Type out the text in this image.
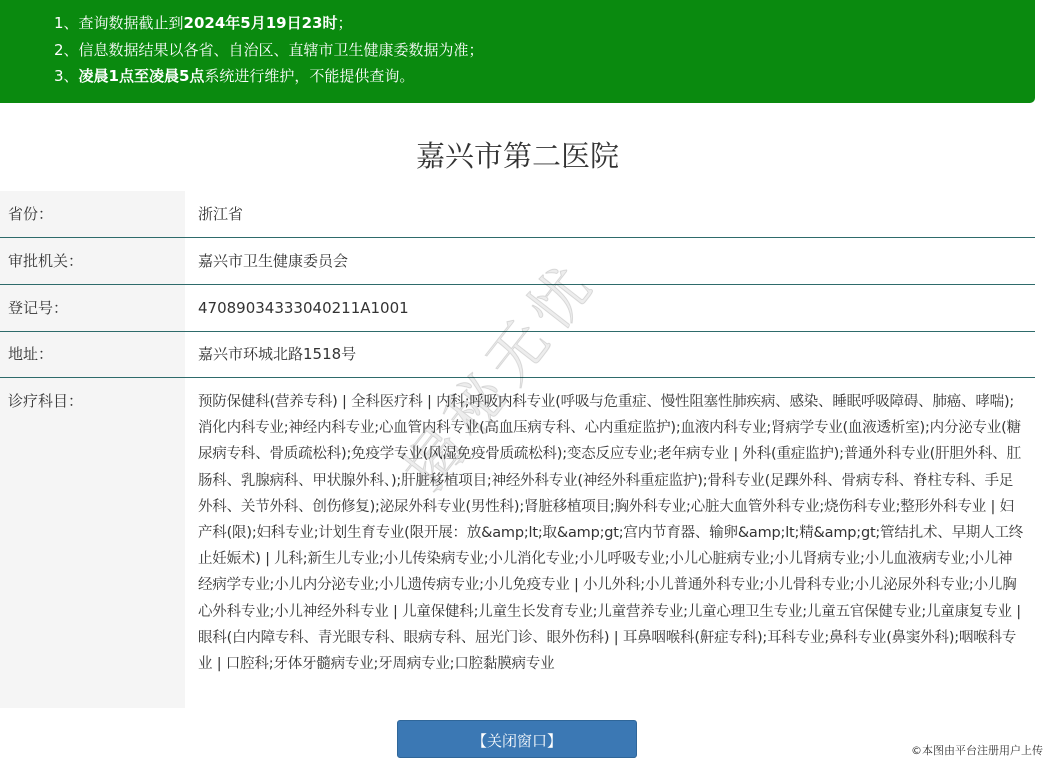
1、查询数据截止到2024年5月19日23时；
2、信息数据结果以各省、自治区、直辖市卫生健康委数据为准；
3、凌晨1点至凌晨5点系统进行维护，不能提供查询。
嘉兴市第二医院
省份：	浙江省
审批机关：	嘉兴市卫生健康委员会
登记号：	47089034333040211A1001
地址：	嘉兴市环城北路1518号
诊疗科目：	预防保健科(营养专科) | 全科医疗科 | 内科;呼吸内科专业(呼吸与危重症、慢性阻塞性肺疾病、感染、睡眠呼吸障碍、肺癌、哮喘);消化内科专业;神经内科专业;心血管内科专业(高血压病专科、心内重症监护);血液内科专业;肾病学专业(血液透析室);内分泌专业(糖尿病专科、骨质疏松科);免疫学专业(风湿免疫骨质疏松科);变态反应专业;老年病专业 | 外科(重症监护);普通外科专业(肝胆外科、肛肠科、乳腺病科、甲状腺外科、);肝脏移植项目;神经外科专业(神经外科重症监护);骨科专业(足踝外科、骨病专科、脊柱专科、手足外科、关节外科、创伤修复);泌尿外科专业(男性科);肾脏移植项目;胸外科专业;心脏大血管外科专业;烧伤科专业;整形外科专业 | 妇产科(限);妇科专业;计划生育专业(限开展：放&amp;lt;取&amp;gt;宫内节育器、输卵&amp;lt;精&amp;gt;管结扎术、早期人工终止妊娠术) | 儿科;新生儿专业;小儿传染病专业;小儿消化专业;小儿呼吸专业;小儿心脏病专业;小儿肾病专业;小儿血液病专业;小儿神经病学专业;小儿内分泌专业;小儿遗传病专业;小儿免疫专业 | 小儿外科;小儿普通外科专业;小儿骨科专业;小儿泌尿外科专业;小儿胸心外科专业;小儿神经外科专业 | 儿童保健科;儿童生长发育专业;儿童营养专业;儿童心理卫生专业;儿童五官保健专业;儿童康复专业 | 眼科(白内障专科、青光眼专科、眼病专科、屈光门诊、眼外伤科) | 耳鼻咽喉科(鼾症专科);耳科专业;鼻科专业(鼻窦外科);咽喉科专业 | 口腔科;牙体牙髓病专业;牙周病专业;口腔黏膜病专业
揭秘无忧
【关闭窗口】
©本图由平台注册用户上传
